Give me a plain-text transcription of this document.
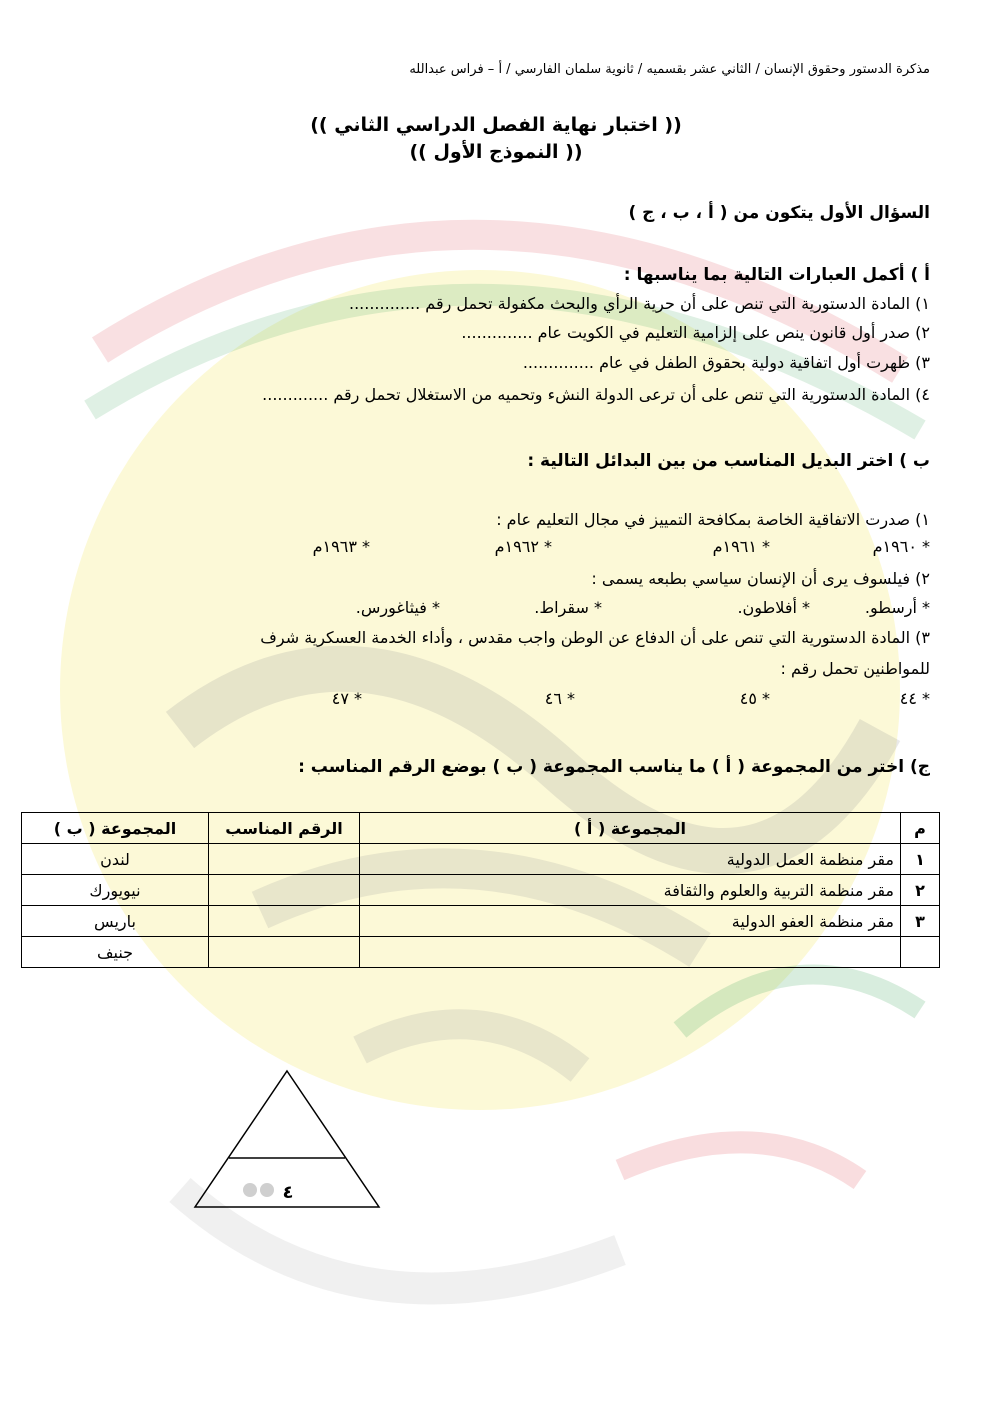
مذكرة الدستور وحقوق الإنسان / الثاني عشر بقسميه / ثانوية سلمان الفارسي / أ – فراس عبدالله
(( اختبار نهاية الفصل الدراسي الثاني ))
(( النموذج الأول ))
السؤال الأول يتكون من ( أ ، ب ، ج )
أ ) أكمل العبارات التالية بما يناسبها :
١) المادة الدستورية التي تنص على أن حرية الرأي والبحث مكفولة تحمل رقم ..............
٢) صدر أول قانون ينص على إلزامية التعليم في الكويت عام ..............
٣) ظهرت أول اتفاقية دولية بحقوق الطفل في عام ..............
٤) المادة الدستورية التي تنص على أن ترعى الدولة النشء وتحميه من الاستغلال تحمل رقم .............
ب ) اختر البديل المناسب من بين البدائل التالية :
١) صدرت الاتفاقية الخاصة بمكافحة التمييز في مجال التعليم عام :
* ١٩٦٠م
* ١٩٦١م
* ١٩٦٢م
* ١٩٦٣م
٢) فيلسوف يرى أن الإنسان سياسي بطبعه يسمى :
* أرسطو.
* أفلاطون.
* سقراط.
* فيثاغورس.
٣) المادة الدستورية التي تنص على أن الدفاع عن الوطن واجب مقدس ، وأداء الخدمة العسكرية شرف
للمواطنين تحمل رقم :
* ٤٤
* ٤٥
* ٤٦
* ٤٧
ج) اختر من المجموعة ( أ ) ما يناسب المجموعة ( ب ) بوضع الرقم المناسب :
م	المجموعة ( أ )	الرقم المناسب	المجموعة ( ب )
١	مقر منظمة العمل الدولية		لندن
٢	مقر منظمة التربية والعلوم والثقافة		نيويورك
٣	مقر منظمة العفو الدولية		باريس
			جنيف
٤
